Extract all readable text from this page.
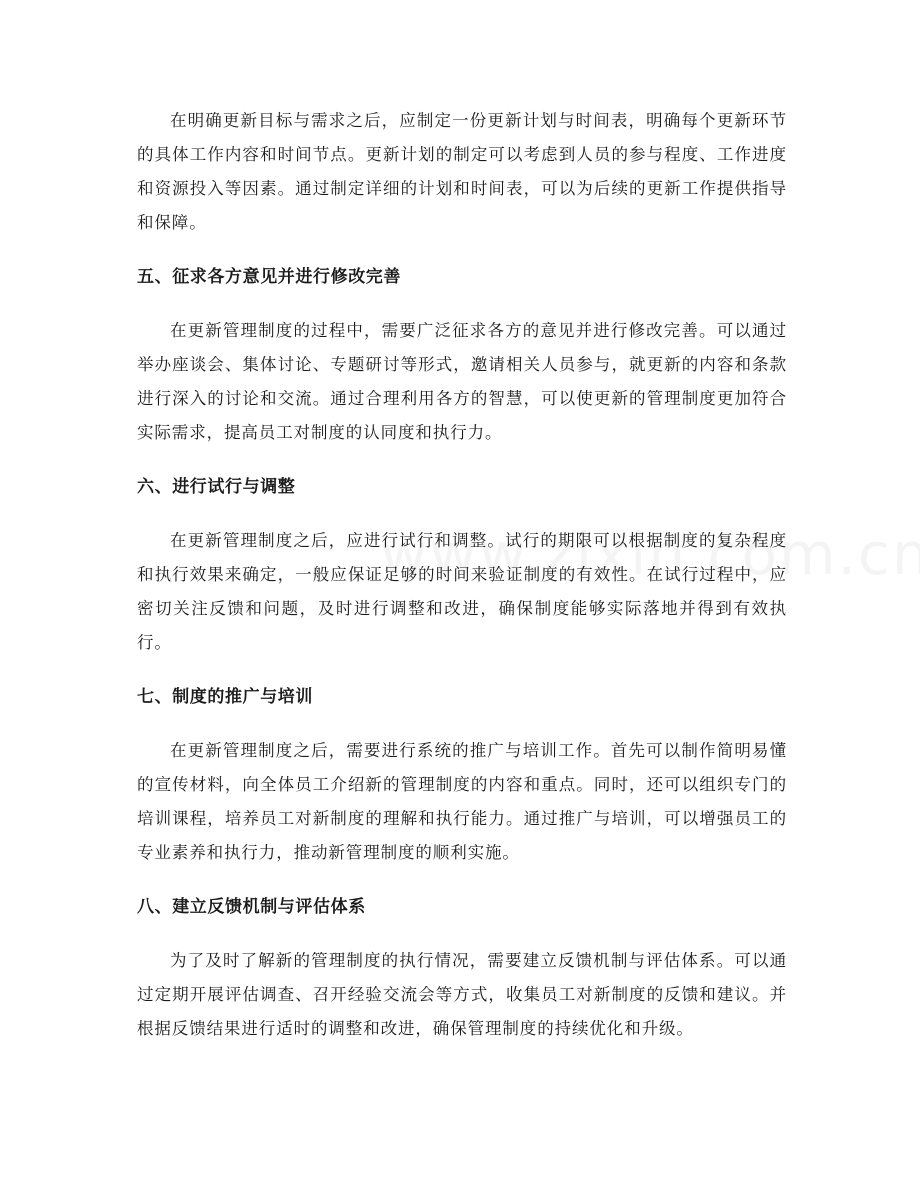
在明确更新目标与需求之后，应制定一份更新计划与时间表，明确每个更新环节的具体工作内容和时间节点。更新计划的制定可以考虑到人员的参与程度、工作进度和资源投入等因素。通过制定详细的计划和时间表，可以为后续的更新工作提供指导和保障。

五、征求各方意见并进行修改完善

在更新管理制度的过程中，需要广泛征求各方的意见并进行修改完善。可以通过举办座谈会、集体讨论、专题研讨等形式，邀请相关人员参与，就更新的内容和条款进行深入的讨论和交流。通过合理利用各方的智慧，可以使更新的管理制度更加符合实际需求，提高员工对制度的认同度和执行力。

六、进行试行与调整

在更新管理制度之后，应进行试行和调整。试行的期限可以根据制度的复杂程度和执行效果来确定，一般应保证足够的时间来验证制度的有效性。在试行过程中，应密切关注反馈和问题，及时进行调整和改进，确保制度能够实际落地并得到有效执行。

七、制度的推广与培训

在更新管理制度之后，需要进行系统的推广与培训工作。首先可以制作简明易懂的宣传材料，向全体员工介绍新的管理制度的内容和重点。同时，还可以组织专门的培训课程，培养员工对新制度的理解和执行能力。通过推广与培训，可以增强员工的专业素养和执行力，推动新管理制度的顺利实施。

八、建立反馈机制与评估体系

为了及时了解新的管理制度的执行情况，需要建立反馈机制与评估体系。可以通过定期开展评估调查、召开经验交流会等方式，收集员工对新制度的反馈和建议。并根据反馈结果进行适时的调整和改进，确保管理制度的持续优化和升级。
